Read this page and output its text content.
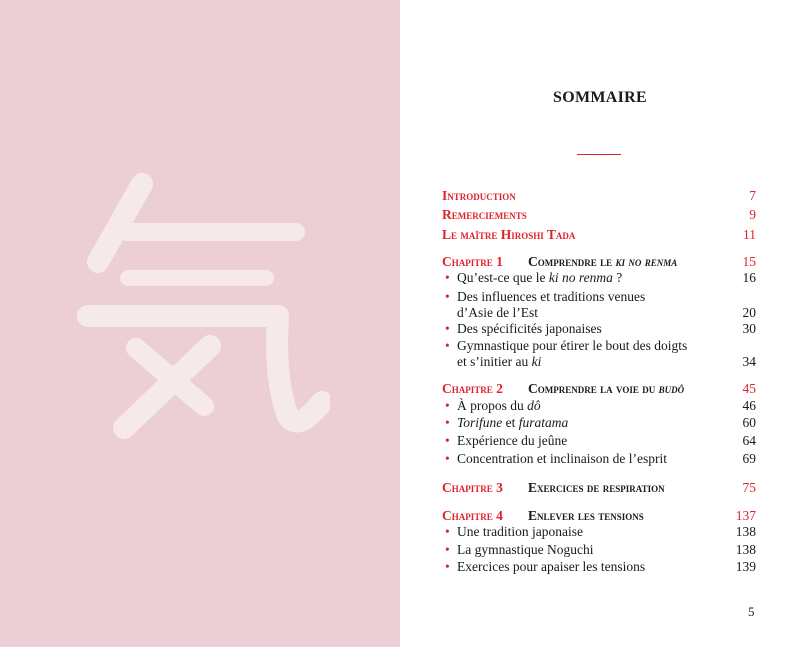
SOMMAIRE
Introduction	7
Remerciements	9
Le maître Hiroshi Tada	11
Chapitre 1 Comprendre le ki no renma	15
• Qu’est-ce que le ki no renma ?	16
• Des influences et traditions venues
d’Asie de l’Est	20
• Des spécificités japonaises	30
• Gymnastique pour étirer le bout des doigts
et s’initier au ki	34
Chapitre 2 Comprendre la voie du budô	45
• À propos du dô	46
• Torifune et furatama	60
• Expérience du jeûne	64
• Concentration et inclinaison de l’esprit	69
Chapitre 3 Exercices de respiration	75
Chapitre 4 Enlever les tensions	137
• Une tradition japonaise	138
• La gymnastique Noguchi	138
• Exercices pour apaiser les tensions	139
5
